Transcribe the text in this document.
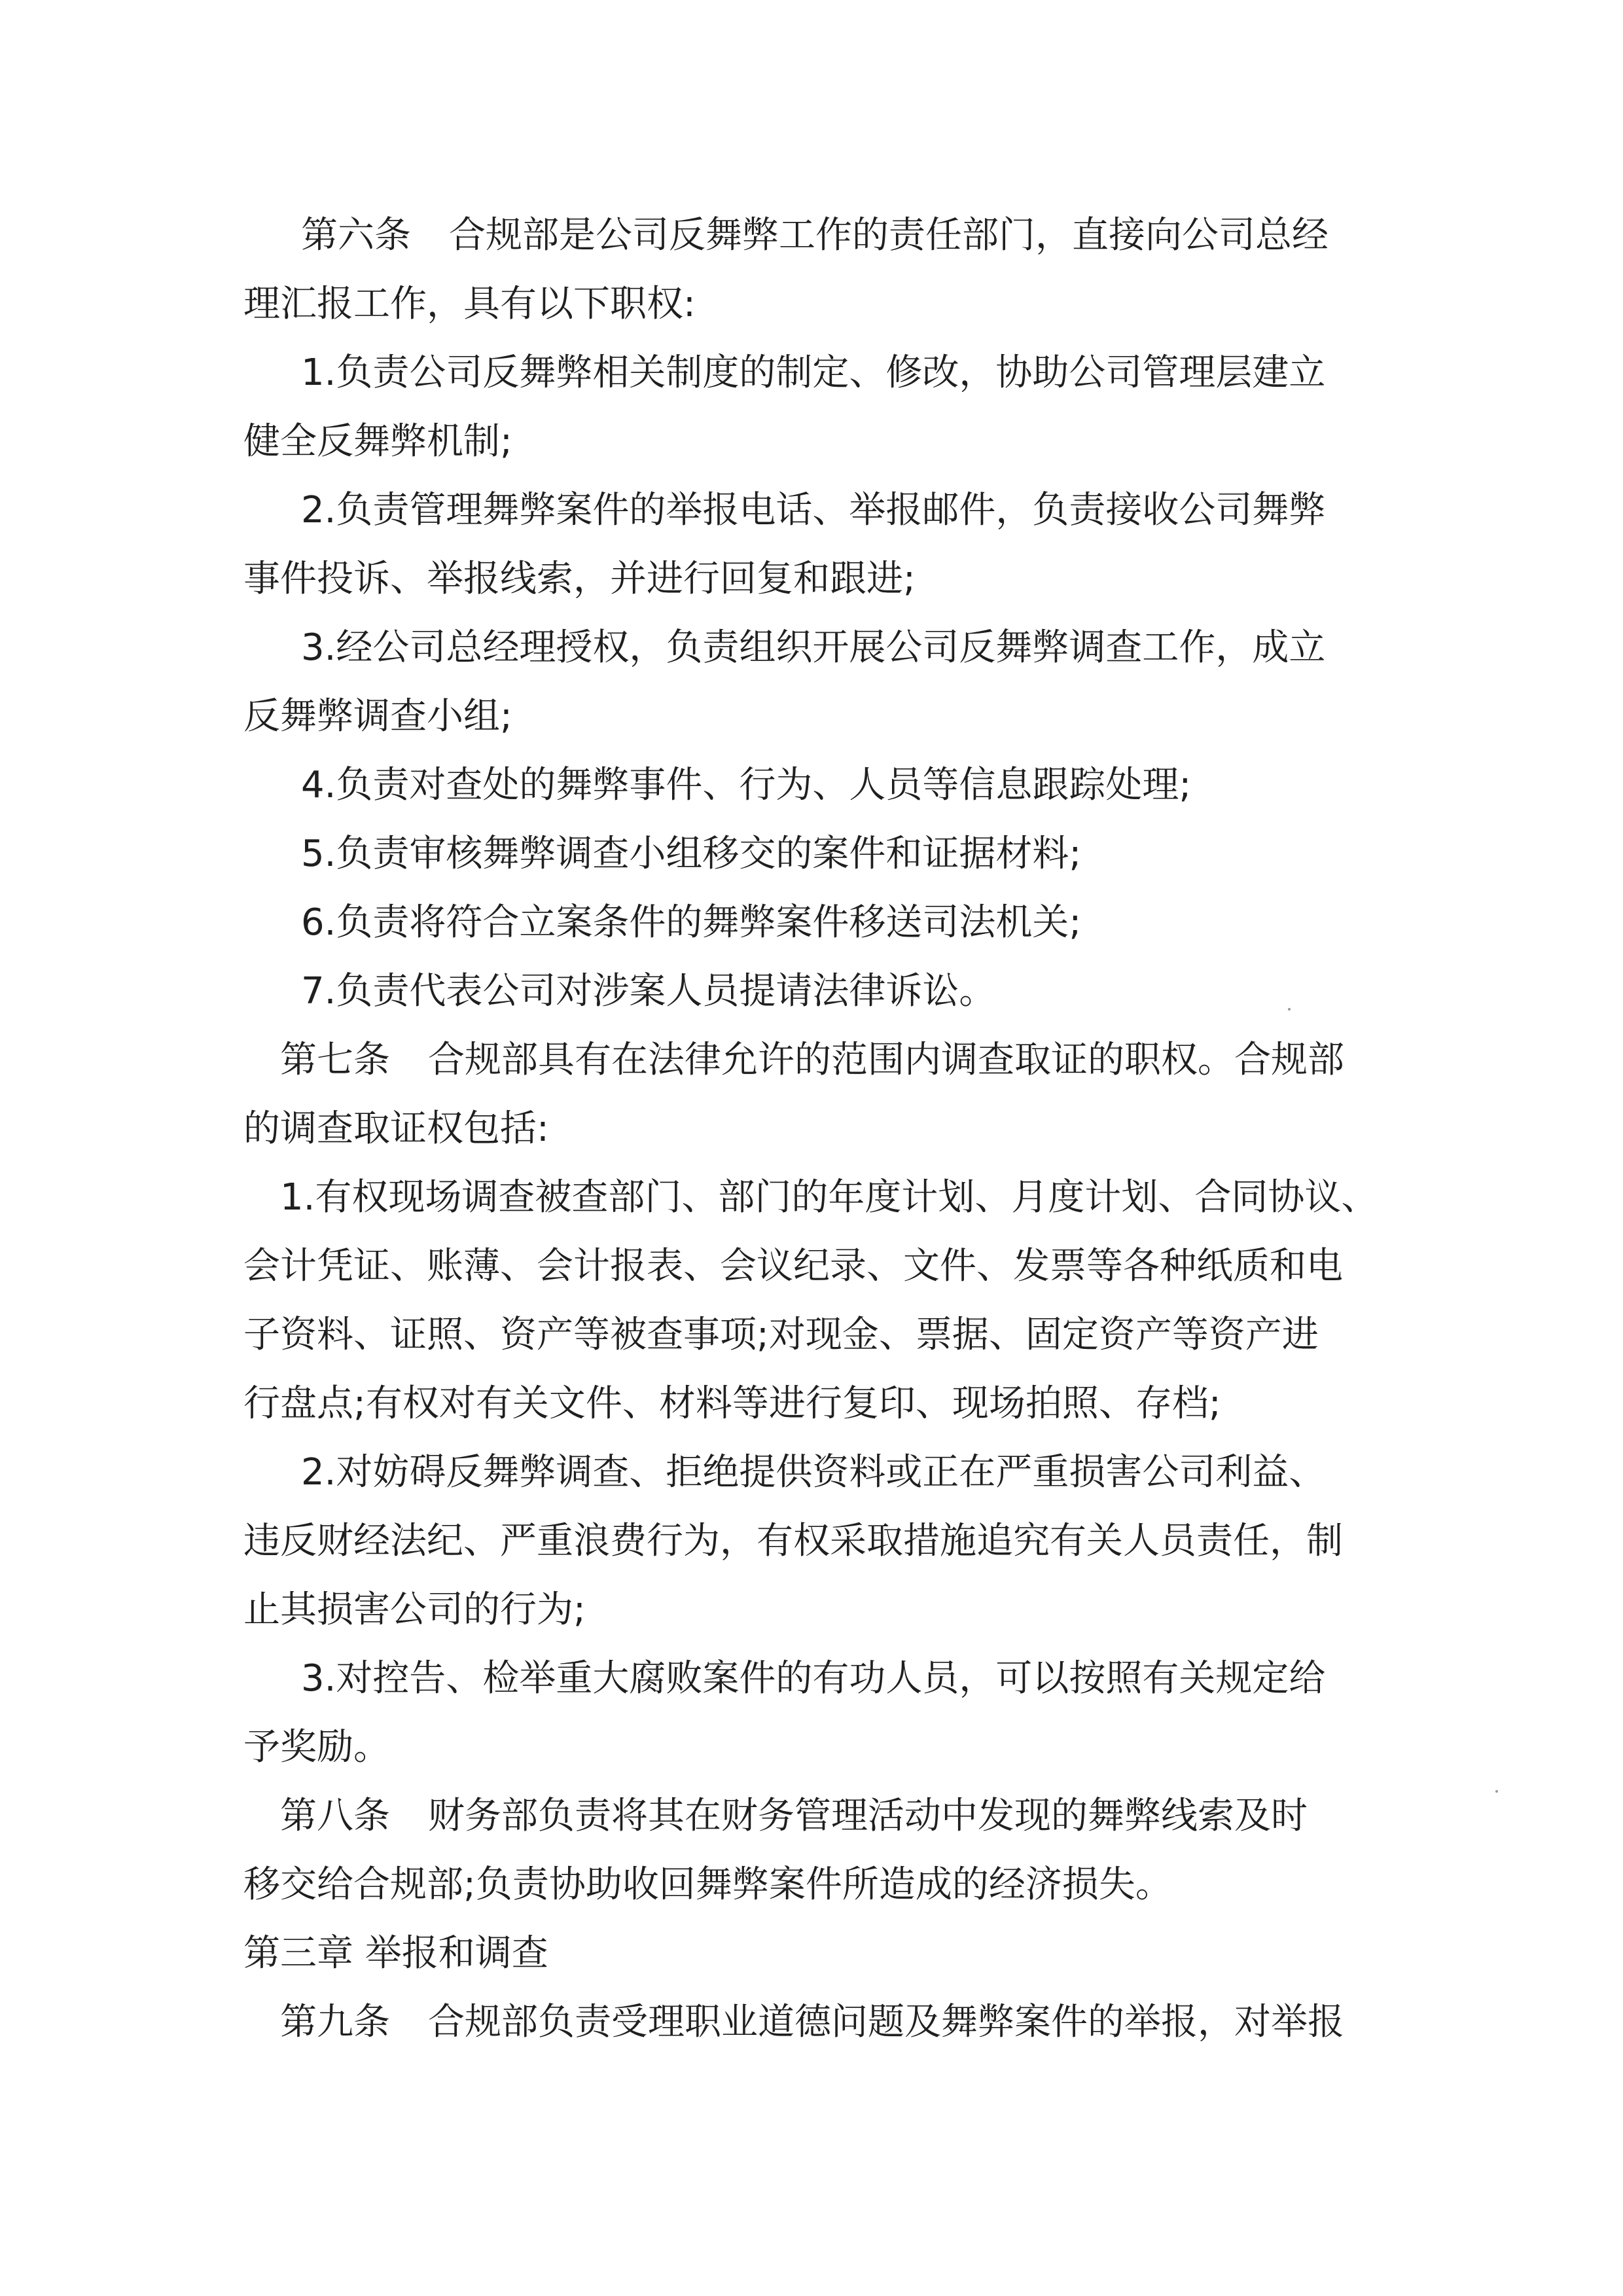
第六条 合规部是公司反舞弊工作的责任部门，直接向公司总经
理汇报工作，具有以下职权:
1.负责公司反舞弊相关制度的制定、修改，协助公司管理层建立
健全反舞弊机制;
2.负责管理舞弊案件的举报电话、举报邮件，负责接收公司舞弊
事件投诉、举报线索，并进行回复和跟进;
3.经公司总经理授权，负责组织开展公司反舞弊调查工作，成立
反舞弊调查小组;
4.负责对查处的舞弊事件、行为、人员等信息跟踪处理;
5.负责审核舞弊调查小组移交的案件和证据材料;
6.负责将符合立案条件的舞弊案件移送司法机关;
7.负责代表公司对涉案人员提请法律诉讼。
第七条 合规部具有在法律允许的范围内调查取证的职权。合规部
的调查取证权包括:
1.有权现场调查被查部门、部门的年度计划、月度计划、合同协议、
会计凭证、账薄、会计报表、会议纪录、文件、发票等各种纸质和电
子资料、证照、资产等被查事项;对现金、票据、固定资产等资产进
行盘点;有权对有关文件、材料等进行复印、现场拍照、存档;
2.对妨碍反舞弊调查、拒绝提供资料或正在严重损害公司利益、
违反财经法纪、严重浪费行为，有权采取措施追究有关人员责任，制
止其损害公司的行为;
3.对控告、检举重大腐败案件的有功人员，可以按照有关规定给
予奖励。
第八条 财务部负责将其在财务管理活动中发现的舞弊线索及时
移交给合规部;负责协助收回舞弊案件所造成的经济损失。
第三章 举报和调查
第九条 合规部负责受理职业道德问题及舞弊案件的举报，对举报
